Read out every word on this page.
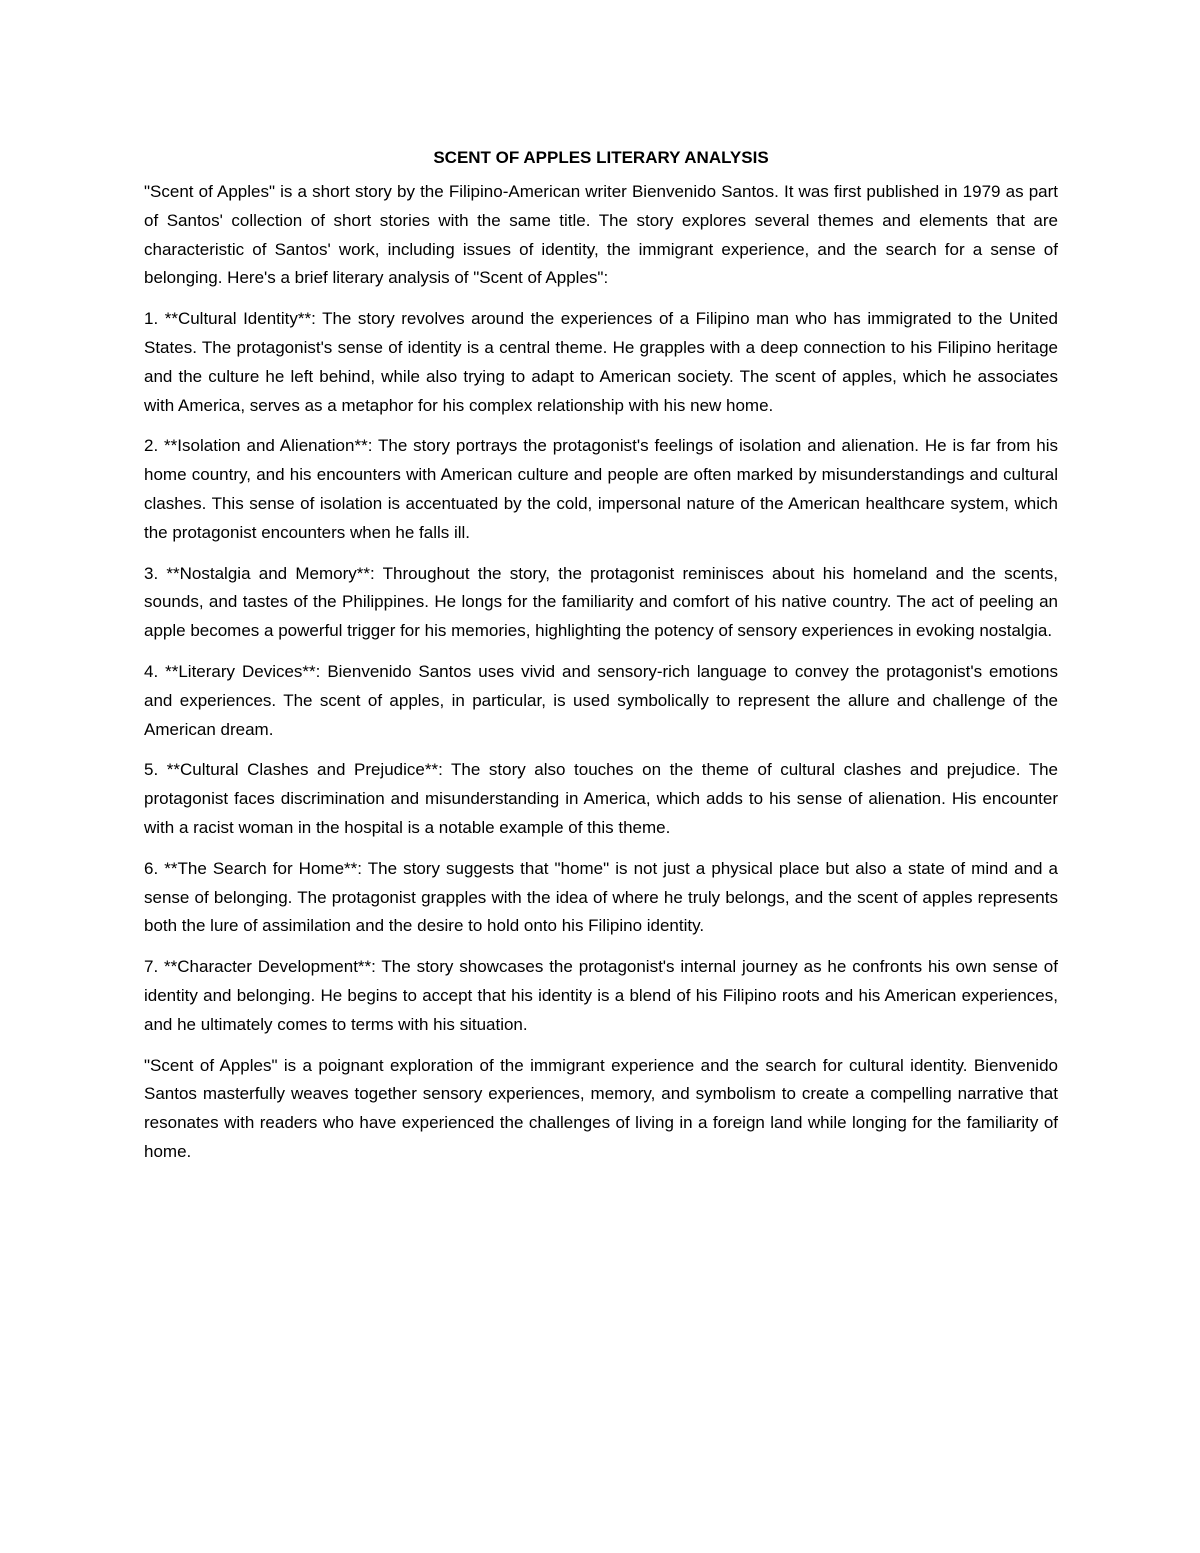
SCENT OF APPLES LITERARY ANALYSIS

"Scent of Apples" is a short story by the Filipino-American writer Bienvenido Santos. It was first published in 1979 as part of Santos' collection of short stories with the same title. The story explores several themes and elements that are characteristic of Santos' work, including issues of identity, the immigrant experience, and the search for a sense of belonging. Here's a brief literary analysis of "Scent of Apples":

1. **Cultural Identity**: The story revolves around the experiences of a Filipino man who has immigrated to the United States. The protagonist's sense of identity is a central theme. He grapples with a deep connection to his Filipino heritage and the culture he left behind, while also trying to adapt to American society. The scent of apples, which he associates with America, serves as a metaphor for his complex relationship with his new home.

2. **Isolation and Alienation**: The story portrays the protagonist's feelings of isolation and alienation. He is far from his home country, and his encounters with American culture and people are often marked by misunderstandings and cultural clashes. This sense of isolation is accentuated by the cold, impersonal nature of the American healthcare system, which the protagonist encounters when he falls ill.

3. **Nostalgia and Memory**: Throughout the story, the protagonist reminisces about his homeland and the scents, sounds, and tastes of the Philippines. He longs for the familiarity and comfort of his native country. The act of peeling an apple becomes a powerful trigger for his memories, highlighting the potency of sensory experiences in evoking nostalgia.

4. **Literary Devices**: Bienvenido Santos uses vivid and sensory-rich language to convey the protagonist's emotions and experiences. The scent of apples, in particular, is used symbolically to represent the allure and challenge of the American dream.

5. **Cultural Clashes and Prejudice**: The story also touches on the theme of cultural clashes and prejudice. The protagonist faces discrimination and misunderstanding in America, which adds to his sense of alienation. His encounter with a racist woman in the hospital is a notable example of this theme.

6. **The Search for Home**: The story suggests that "home" is not just a physical place but also a state of mind and a sense of belonging. The protagonist grapples with the idea of where he truly belongs, and the scent of apples represents both the lure of assimilation and the desire to hold onto his Filipino identity.

7. **Character Development**: The story showcases the protagonist's internal journey as he confronts his own sense of identity and belonging. He begins to accept that his identity is a blend of his Filipino roots and his American experiences, and he ultimately comes to terms with his situation.

"Scent of Apples" is a poignant exploration of the immigrant experience and the search for cultural identity. Bienvenido Santos masterfully weaves together sensory experiences, memory, and symbolism to create a compelling narrative that resonates with readers who have experienced the challenges of living in a foreign land while longing for the familiarity of home.
